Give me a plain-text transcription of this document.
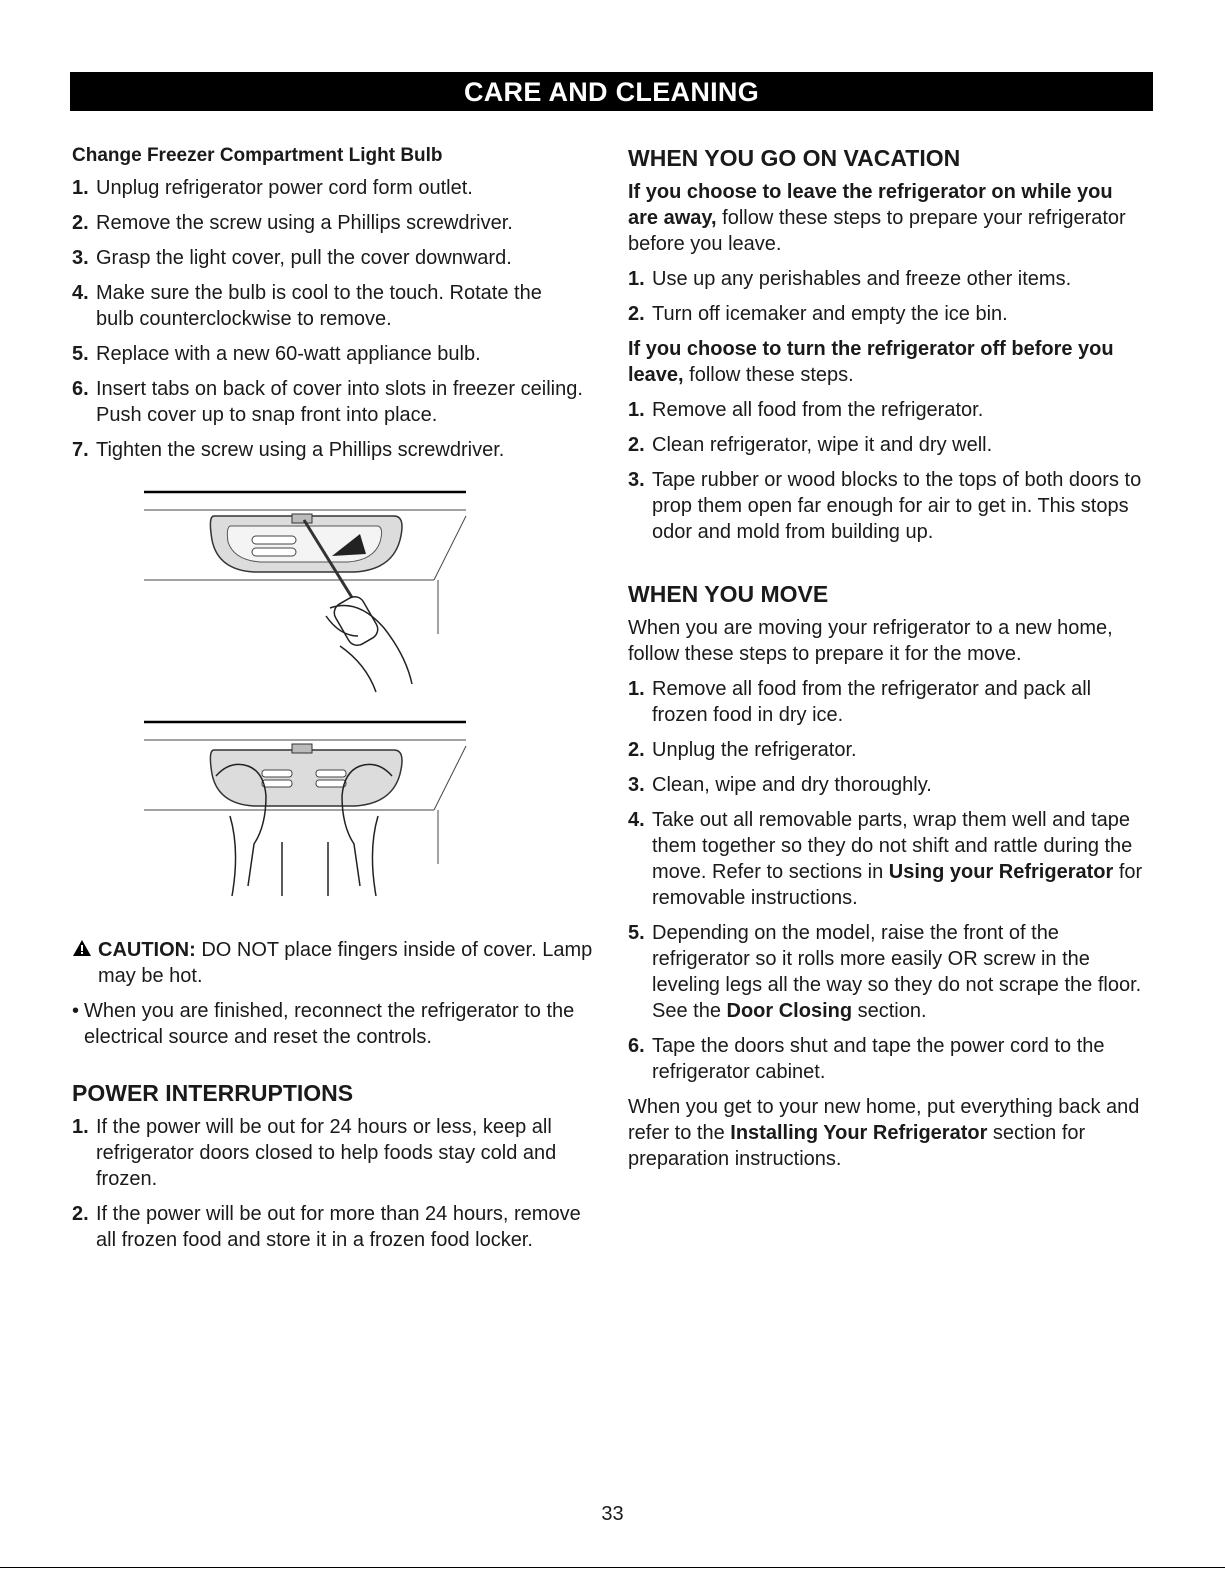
CARE AND CLEANING
Change Freezer Compartment Light Bulb
1. Unplug refrigerator power cord form outlet.
2. Remove the screw using a Phillips screwdriver.
3. Grasp the light cover, pull the cover downward.
4. Make sure the bulb is cool to the touch. Rotate the bulb counterclockwise to remove.
5. Replace with a new 60-watt appliance bulb.
6. Insert tabs on back of cover into slots in freezer ceiling. Push cover up to snap front into place.
7. Tighten the screw using a Phillips screwdriver.

CAUTION: DO NOT place fingers inside of cover. Lamp may be hot.
• When you are finished, reconnect the refrigerator to the electrical source and reset the controls.
POWER INTERRUPTIONS
1. If the power will be out for 24 hours or less, keep all refrigerator doors closed to help foods stay cold and frozen.
2. If the power will be out for more than 24 hours, remove all frozen food and store it in a frozen food locker.
WHEN YOU GO ON VACATION

If you choose to leave the refrigerator on while you are away, follow these steps to prepare your refrigerator before you leave.

1. Use up any perishables and freeze other items.
2. Turn off icemaker and empty the ice bin.

If you choose to turn the refrigerator off before you leave, follow these steps.

1. Remove all food from the refrigerator.
2. Clean refrigerator, wipe it and dry well.
3. Tape rubber or wood blocks to the tops of both doors to prop them open far enough for air to get in. This stops odor and mold from building up.
WHEN YOU MOVE

When you are moving your refrigerator to a new home, follow these steps to prepare it for the move.

1. Remove all food from the refrigerator and pack all frozen food in dry ice.
2. Unplug the refrigerator.
3. Clean, wipe and dry thoroughly.
4. Take out all removable parts, wrap them well and tape them together so they do not shift and rattle during the move. Refer to sections in Using your Refrigerator for removable instructions.
5. Depending on the model, raise the front of the refrigerator so it rolls more easily OR screw in the leveling legs all the way so they do not scrape the floor. See the Door Closing section.
6. Tape the doors shut and tape the power cord to the refrigerator cabinet.

When you get to your new home, put everything back and refer to the Installing Your Refrigerator section for preparation instructions.

33
